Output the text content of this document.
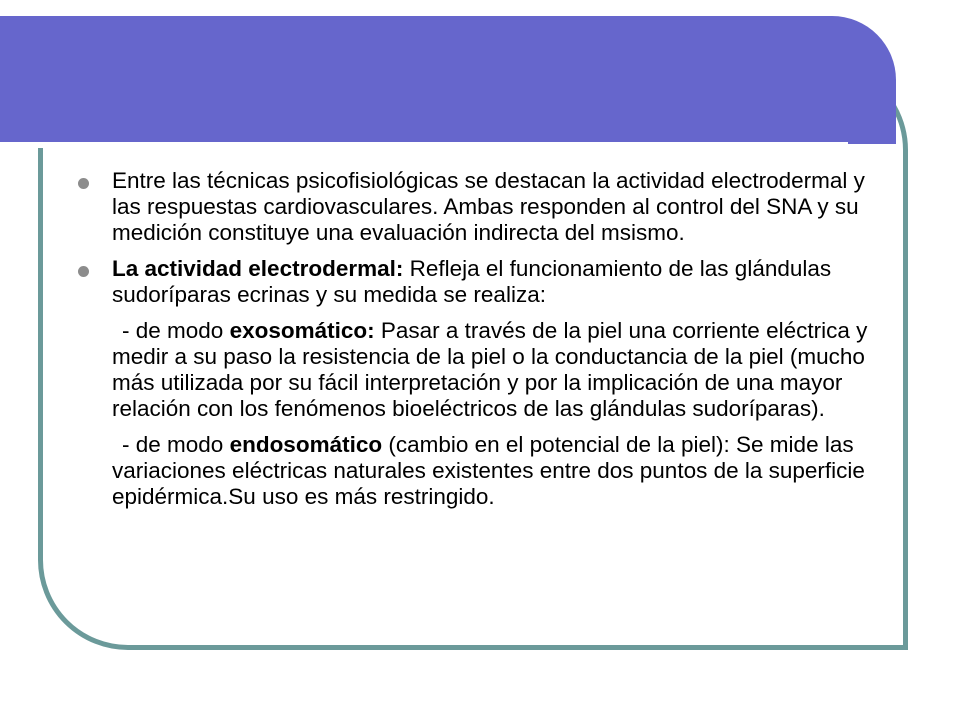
Entre las técnicas psicofisiológicas se destacan la actividad electrodermal y las respuestas cardiovasculares. Ambas responden al control del SNA y su medición constituye una evaluación indirecta del msismo.
La actividad electrodermal: Refleja el funcionamiento de las glándulas sudoríparas ecrinas y su medida se realiza:
- de modo exosomático: Pasar a través de la piel una corriente eléctrica y medir a su paso la resistencia de la piel o la conductancia de la piel (mucho más utilizada por su fácil interpretación y por la implicación de una mayor relación con los fenómenos bioeléctricos de las glándulas sudoríparas).
- de modo endosomático (cambio en el potencial de la piel): Se mide las variaciones eléctricas naturales existentes entre dos puntos de la superficie epidérmica.Su uso es más restringido.
